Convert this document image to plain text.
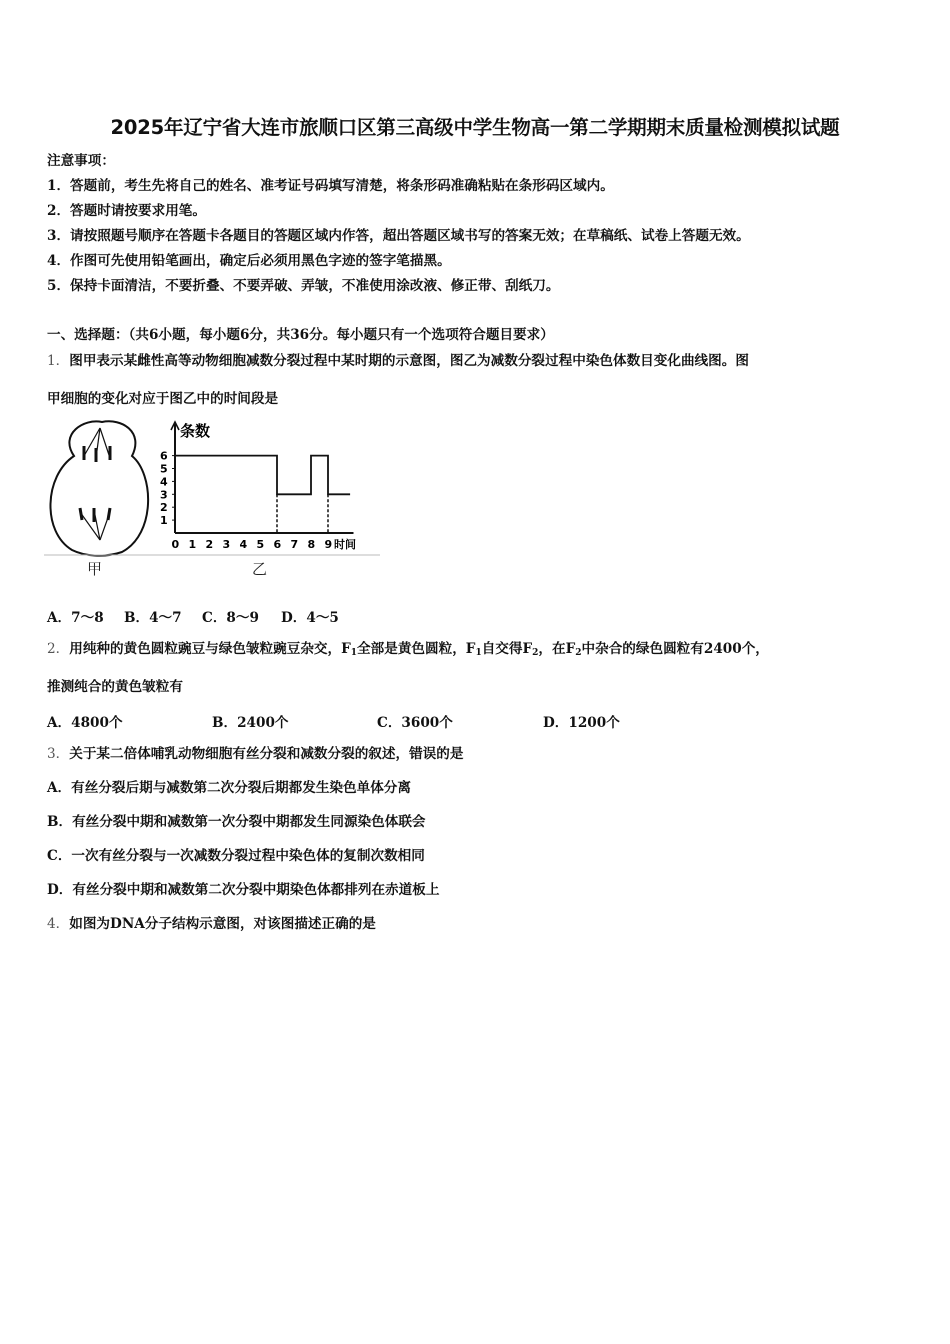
2025年辽宁省大连市旅顺口区第三高级中学生物高一第二学期期末质量检测模拟试题
注意事项：
1．答题前，考生先将自己的姓名、准考证号码填写清楚，将条形码准确粘贴在条形码区域内。
2．答题时请按要求用笔。
3．请按照题号顺序在答题卡各题目的答题区域内作答，超出答题区域书写的答案无效；在草稿纸、试卷上答题无效。
4．作图可先使用铅笔画出，确定后必须用黑色字迹的签字笔描黑。
5．保持卡面清洁，不要折叠、不要弄破、弄皱，不准使用涂改液、修正带、刮纸刀。
一、选择题：（共6小题，每小题6分，共36分。每小题只有一个选项符合题目要求）
1．图甲表示某雌性高等动物细胞减数分裂过程中某时期的示意图，图乙为减数分裂过程中染色体数目变化曲线图。图
甲细胞的变化对应于图乙中的时间段是
条数
1
2
3
4
5
6
0 1 2 3 4 5 6 7 8 9 时间
甲	乙
A．7～8 B．4～7 C．8～9 D．4～5
2．用纯种的黄色圆粒豌豆与绿色皱粒豌豆杂交，$F_1$全部是黄色圆粒，$F_1$自交得$F_2$，在$F_2$中杂合的绿色圆粒有2400个，
推测纯合的黄色皱粒有
A．4800个	B．2400个	C．3600个	D．1200个
3．关于某二倍体哺乳动物细胞有丝分裂和减数分裂的叙述，错误的是
A．有丝分裂后期与减数第二次分裂后期都发生染色单体分离
B．有丝分裂中期和减数第一次分裂中期都发生同源染色体联会
C．一次有丝分裂与一次减数分裂过程中染色体的复制次数相同
D．有丝分裂中期和减数第二次分裂中期染色体都排列在赤道板上
4．如图为DNA分子结构示意图，对该图描述正确的是
